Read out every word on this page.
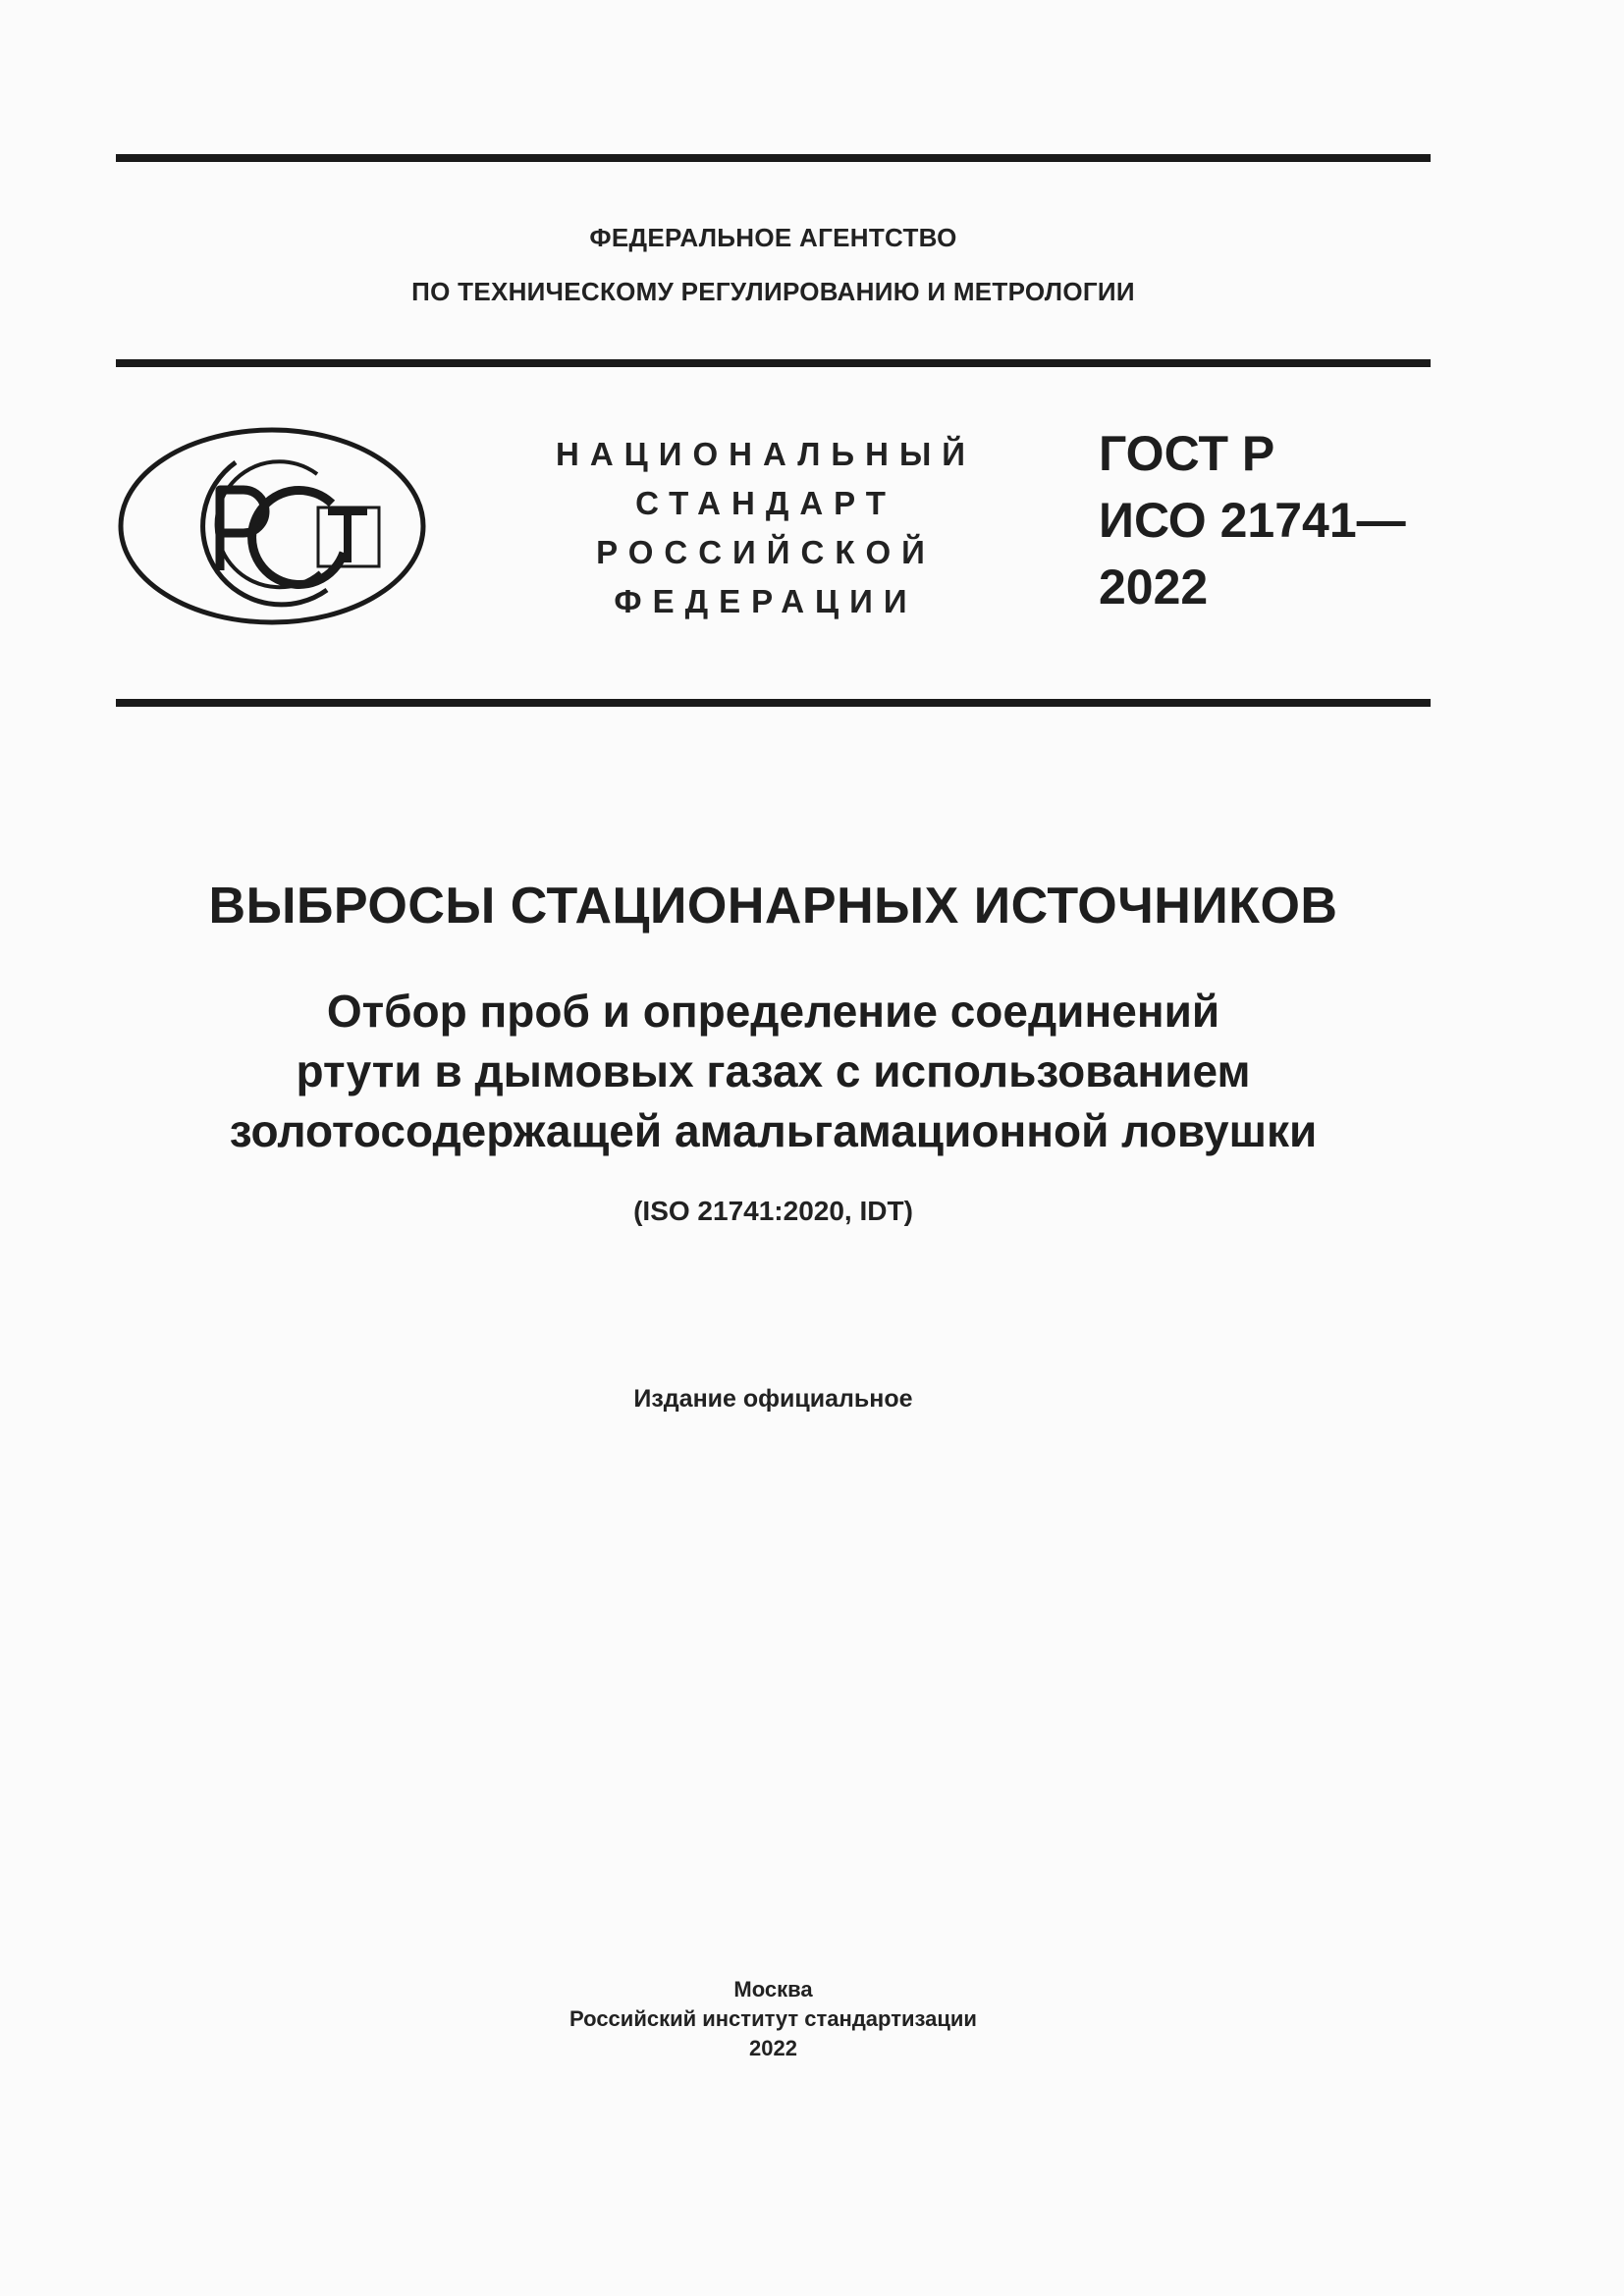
ФЕДЕРАЛЬНОЕ АГЕНТСТВО
ПО ТЕХНИЧЕСКОМУ РЕГУЛИРОВАНИЮ И МЕТРОЛОГИИ
НАЦИОНАЛЬНЫЙ
СТАНДАРТ
РОССИЙСКОЙ
ФЕДЕРАЦИИ
ГОСТ Р
ИСО 21741—
2022
ВЫБРОСЫ СТАЦИОНАРНЫХ ИСТОЧНИКОВ
Отбор проб и определение соединений
ртути в дымовых газах с использованием
золотосодержащей амальгамационной ловушки
(ISO 21741:2020, IDT)
Издание официальное
Москва
Российский институт стандартизации
2022
